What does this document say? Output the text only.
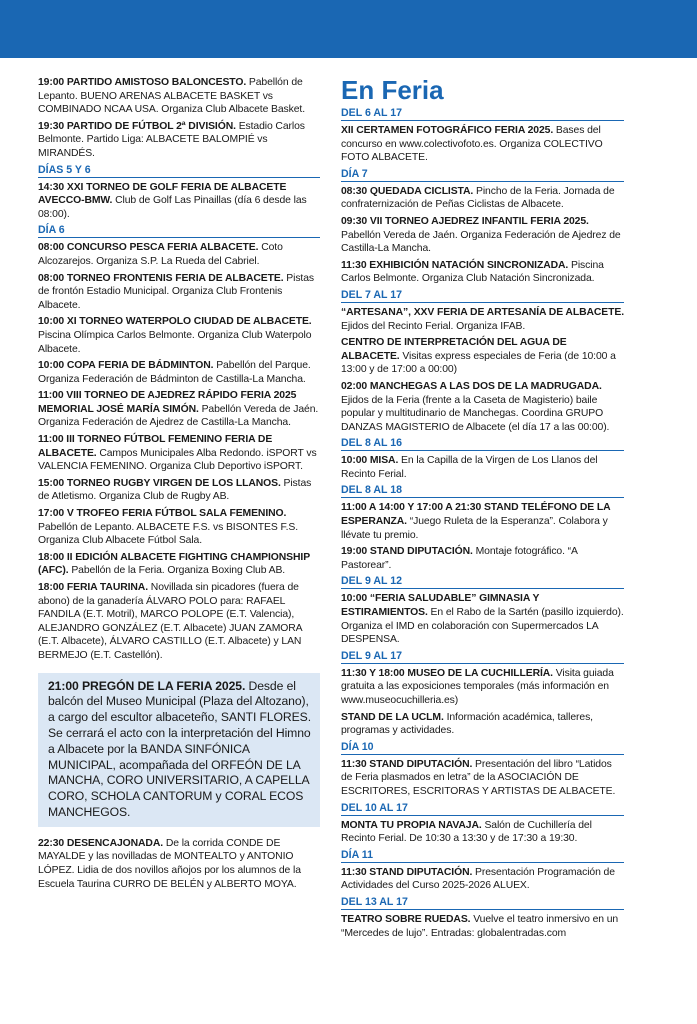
19:00 PARTIDO AMISTOSO BALONCESTO. Pabellón de Lepanto. BUENO ARENAS ALBACETE BASKET vs COMBINADO NCAA USA. Organiza Club Albacete Basket.
19:30 PARTIDO DE FÚTBOL 2ª DIVISIÓN. Estadio Carlos Belmonte. Partido Liga: ALBACETE BALOMPIÉ vs MIRANDÉS.
DÍAS 5 Y 6
14:30 XXI TORNEO DE GOLF FERIA DE ALBACETE AVECCO-BMW. Club de Golf Las Pinaillas (día 6 desde las 08:00).
DÍA 6
08:00 CONCURSO PESCA FERIA ALBACETE. Coto Alcozarejos. Organiza S.P. La Rueda del Cabriel.
08:00 TORNEO FRONTENIS FERIA DE ALBACETE. Pistas de frontón Estadio Municipal. Organiza Club Frontenis Albacete.
10:00 XI TORNEO WATERPOLO CIUDAD DE ALBACETE. Piscina Olímpica Carlos Belmonte. Organiza Club Waterpolo Albacete.
10:00 COPA FERIA DE BÁDMINTON. Pabellón del Parque. Organiza Federación de Bádminton de Castilla-La Mancha.
11:00 VIII TORNEO DE AJEDREZ RÁPIDO FERIA 2025 MEMORIAL JOSÉ MARÍA SIMÓN. Pabellón Vereda de Jaén. Organiza Federación de Ajedrez de Castilla-La Mancha.
11:00 III TORNEO FÚTBOL FEMENINO FERIA DE ALBACETE. Campos Municipales Alba Redondo. iSPORT vs VALENCIA FEMENINO. Organiza Club Deportivo iSPORT.
15:00 TORNEO RUGBY VIRGEN DE LOS LLANOS. Pistas de Atletismo. Organiza Club de Rugby AB.
17:00 V TROFEO FERIA FÚTBOL SALA FEMENINO. Pabellón de Lepanto. ALBACETE F.S. vs BISONTES F.S. Organiza Club Albacete Fútbol Sala.
18:00 II EDICIÓN ALBACETE FIGHTING CHAMPIONSHIP (AFC). Pabellón de la Feria. Organiza Boxing Club AB.
18:00 FERIA TAURINA. Novillada sin picadores (fuera de abono) de la ganadería ÁLVARO POLO para: RAFAEL FANDILA (E.T. Motril), MARCO POLOPE (E.T. Valencia), ALEJANDRO GONZÁLEZ (E.T. Albacete) JUAN ZAMORA (E.T. Albacete), ÁLVARO CASTILLO (E.T. Albacete) y LAN BERMEJO (E.T. Castellón).
21:00 PREGÓN DE LA FERIA 2025. Desde el balcón del Museo Municipal (Plaza del Altozano), a cargo del escultor albaceteño, SANTI FLORES. Se cerrará el acto con la interpretación del Himno a Albacete por la BANDA SINFÓNICA MUNICIPAL, acompañada del ORFEÓN DE LA MANCHA, CORO UNIVERSITARIO, A CAPELLA CORO, SCHOLA CANTORUM y CORAL ECOS MANCHEGOS.
22:30 DESENCAJONADA. De la corrida CONDE DE MAYALDE y las novilladas de MONTEALTO y ANTONIO LÓPEZ. Lidia de dos novillos añojos por los alumnos de la Escuela Taurina CURRO DE BELÉN y ALBERTO MOYA.
En Feria
DEL 6 AL 17
XII CERTAMEN FOTOGRÁFICO FERIA 2025. Bases del concurso en www.colectivofoto.es. Organiza COLECTIVO FOTO ALBACETE.
DÍA 7
08:30 QUEDADA CICLISTA. Pincho de la Feria. Jornada de confraternización de Peñas Ciclistas de Albacete.
09:30 VII TORNEO AJEDREZ INFANTIL FERIA 2025. Pabellón Vereda de Jaén. Organiza Federación de Ajedrez de Castilla-La Mancha.
11:30 EXHIBICIÓN NATACIÓN SINCRONIZADA. Piscina Carlos Belmonte. Organiza Club Natación Sincronizada.
DEL 7 AL 17
“ARTESANA”, XXV FERIA DE ARTESANÍA DE ALBACETE. Ejidos del Recinto Ferial. Organiza IFAB.
CENTRO DE INTERPRETACIÓN DEL AGUA DE ALBACETE. Visitas express especiales de Feria (de 10:00 a 13:00 y de 17:00 a 00:00)
02:00 MANCHEGAS A LAS DOS DE LA MADRUGADA. Ejidos de la Feria (frente a la Caseta de Magisterio) baile popular y multitudinario de Manchegas. Coordina GRUPO DANZAS MAGISTERIO de Albacete (el día 17 a las 00:00).
DEL 8 AL 16
10:00 MISA. En la Capilla de la Virgen de Los Llanos del Recinto Ferial.
DEL 8 AL 18
11:00 A 14:00 Y 17:00 A 21:30 STAND TELÉFONO DE LA ESPERANZA. “Juego Ruleta de la Esperanza”. Colabora y llévate tu premio.
19:00 STAND DIPUTACIÓN. Montaje fotográfico. “A Pastorear”.
DEL 9 AL 12
10:00 “FERIA SALUDABLE” GIMNASIA Y ESTIRAMIENTOS. En el Rabo de la Sartén (pasillo izquierdo). Organiza el IMD en colaboración con Supermercados LA DESPENSA.
DEL 9 AL 17
11:30 Y 18:00 MUSEO DE LA CUCHILLERÍA. Visita guiada gratuita a las exposiciones temporales (más información en www.museocuchilleria.es)
STAND DE LA UCLM. Información académica, talleres, programas y actividades.
DÍA 10
11:30 STAND DIPUTACIÓN. Presentación del libro “Latidos de Feria plasmados en letra” de la ASOCIACIÓN DE ESCRITORES, ESCRITORAS Y ARTISTAS DE ALBACETE.
DEL 10 AL 17
MONTA TU PROPIA NAVAJA. Salón de Cuchillería del Recinto Ferial. De 10:30 a 13:30 y de 17:30 a 19:30.
DÍA 11
11:30 STAND DIPUTACIÓN. Presentación Programación de Actividades del Curso 2025-2026 ALUEX.
DEL 13 AL 17
TEATRO SOBRE RUEDAS. Vuelve el teatro inmersivo en un “Mercedes de lujo”. Entradas: globalentradas.com
